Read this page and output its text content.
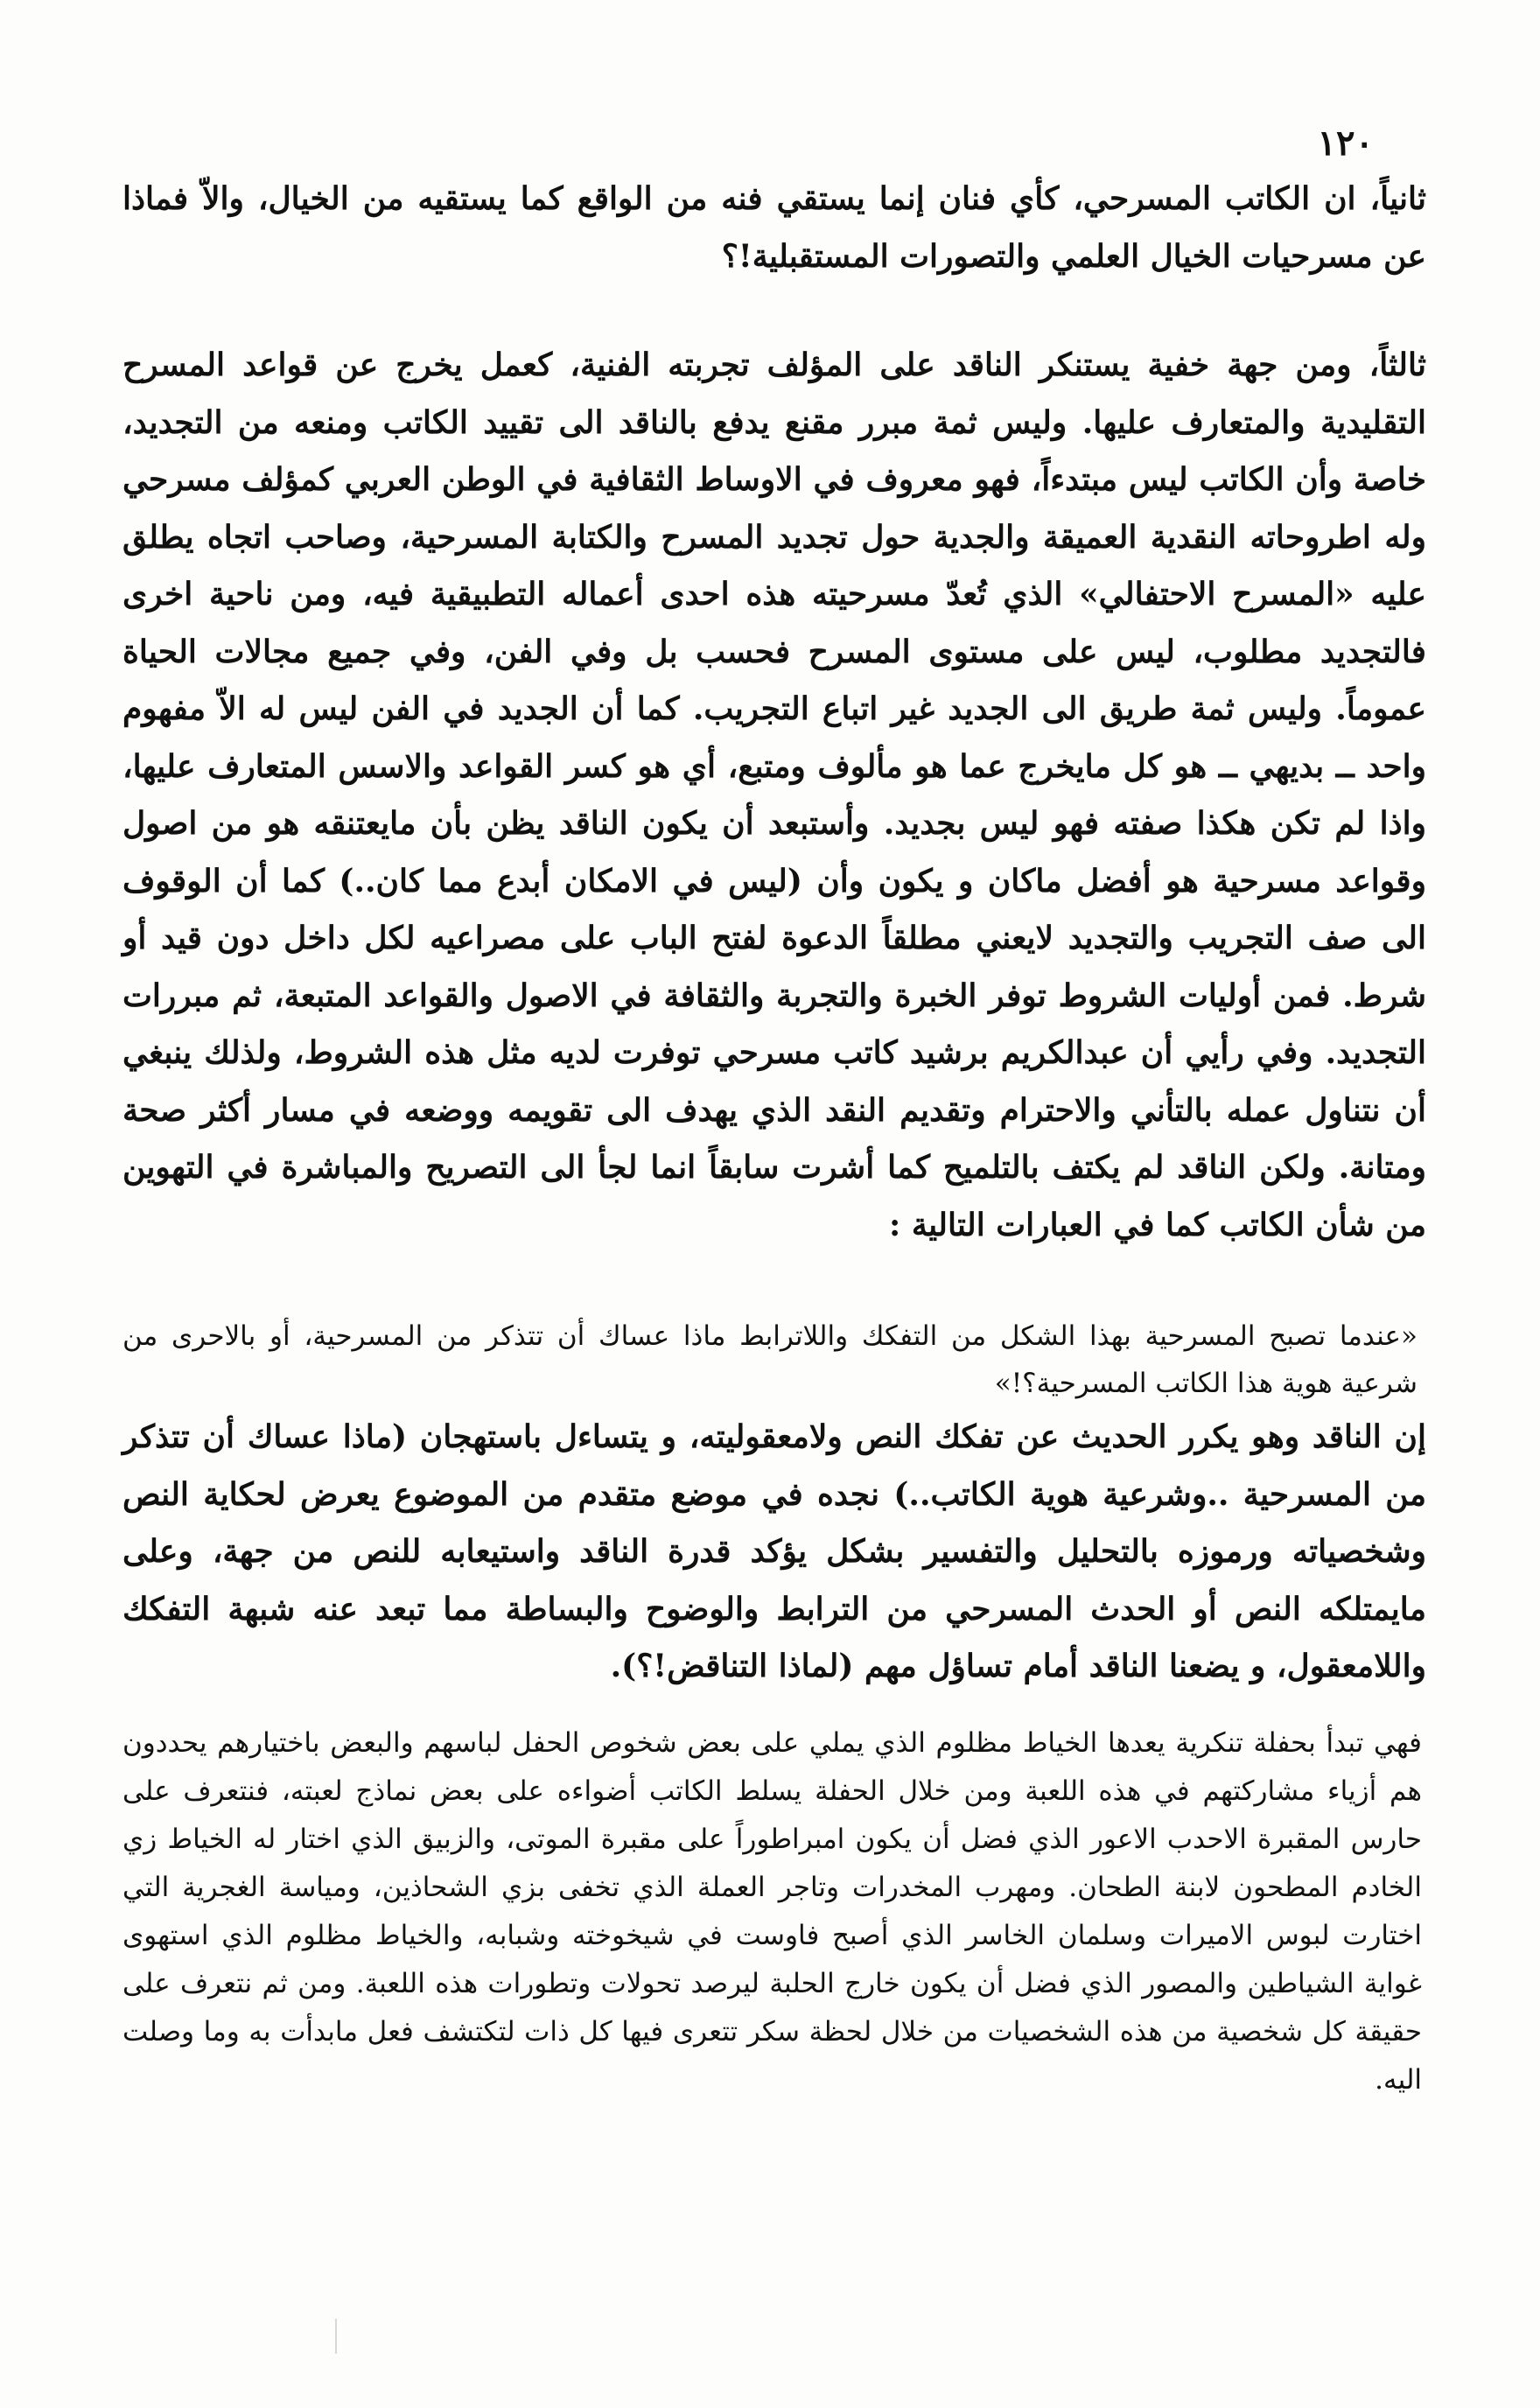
١٢٠

ثانياً، ان الكاتب المسرحي، كأي فنان إنما يستقي فنه من الواقع كما يستقيه من الخيال، والاّ فماذا عن مسرحيات الخيال العلمي والتصورات المستقبلية!؟

ثالثاً، ومن جهة خفية يستنكر الناقد على المؤلف تجربته الفنية، كعمل يخرج عن قواعد المسرح التقليدية والمتعارف عليها. وليس ثمة مبرر مقنع يدفع بالناقد الى تقييد الكاتب ومنعه من التجديد، خاصة وأن الكاتب ليس مبتدءاً، فهو معروف في الاوساط الثقافية في الوطن العربي كمؤلف مسرحي وله اطروحاته النقدية العميقة والجدية حول تجديد المسرح والكتابة المسرحية، وصاحب اتجاه يطلق عليه «المسرح الاحتفالي» الذي تُعدّ مسرحيته هذه احدى أعماله التطبيقية فيه، ومن ناحية اخرى فالتجديد مطلوب، ليس على مستوى المسرح فحسب بل وفي الفن، وفي جميع مجالات الحياة عموماً. وليس ثمة طريق الى الجديد غير اتباع التجريب. كما أن الجديد في الفن ليس له الاّ مفهوم واحد ــ بديهي ــ هو كل مايخرج عما هو مألوف ومتبع، أي هو كسر القواعد والاسس المتعارف عليها، واذا لم تكن هكذا صفته فهو ليس بجديد. وأستبعد أن يكون الناقد يظن بأن مايعتنقه هو من اصول وقواعد مسرحية هو أفضل ماكان و يكون وأن (ليس في الامكان أبدع مما كان..) كما أن الوقوف الى صف التجريب والتجديد لايعني مطلقاً الدعوة لفتح الباب على مصراعيه لكل داخل دون قيد أو شرط. فمن أوليات الشروط توفر الخبرة والتجربة والثقافة في الاصول والقواعد المتبعة، ثم مبررات التجديد. وفي رأيي أن عبدالكريم برشيد كاتب مسرحي توفرت لديه مثل هذه الشروط، ولذلك ينبغي أن نتناول عمله بالتأني والاحترام وتقديم النقد الذي يهدف الى تقويمه ووضعه في مسار أكثر صحة ومتانة. ولكن الناقد لم يكتف بالتلميح كما أشرت سابقاً انما لجأ الى التصريح والمباشرة في التهوين من شأن الكاتب كما في العبارات التالية :

«عندما تصبح المسرحية بهذا الشكل من التفكك واللاترابط ماذا عساك أن تتذكر من المسرحية، أو بالاحرى من شرعية هوية هذا الكاتب المسرحية؟!»

إن الناقد وهو يكرر الحديث عن تفكك النص ولامعقوليته، و يتساءل باستهجان (ماذا عساك أن تتذكر من المسرحية ..وشرعية هوية الكاتب..) نجده في موضع متقدم من الموضوع يعرض لحكاية النص وشخصياته ورموزه بالتحليل والتفسير بشكل يؤكد قدرة الناقد واستيعابه للنص من جهة، وعلى مايمتلكه النص أو الحدث المسرحي من الترابط والوضوح والبساطة مما تبعد عنه شبهة التفكك واللامعقول، و يضعنا الناقد أمام تساؤل مهم (لماذا التناقض!؟).

فهي تبدأ بحفلة تنكرية يعدها الخياط مظلوم الذي يملي على بعض شخوص الحفل لباسهم والبعض باختيارهم يحددون هم أزياء مشاركتهم في هذه اللعبة ومن خلال الحفلة يسلط الكاتب أضواءه على بعض نماذج لعبته، فنتعرف على حارس المقبرة الاحدب الاعور الذي فضل أن يكون امبراطوراً على مقبرة الموتى، والزبيق الذي اختار له الخياط زي الخادم المطحون لابنة الطحان. ومهرب المخدرات وتاجر العملة الذي تخفى بزي الشحاذين، ومياسة الغجرية التي اختارت لبوس الاميرات وسلمان الخاسر الذي أصبح فاوست في شيخوخته وشبابه، والخياط مظلوم الذي استهوى غواية الشياطين والمصور الذي فضل أن يكون خارج الحلبة ليرصد تحولات وتطورات هذه اللعبة. ومن ثم نتعرف على حقيقة كل شخصية من هذه الشخصيات من خلال لحظة سكر تتعرى فيها كل ذات لتكتشف فعل مابدأت به وما وصلت اليه.
